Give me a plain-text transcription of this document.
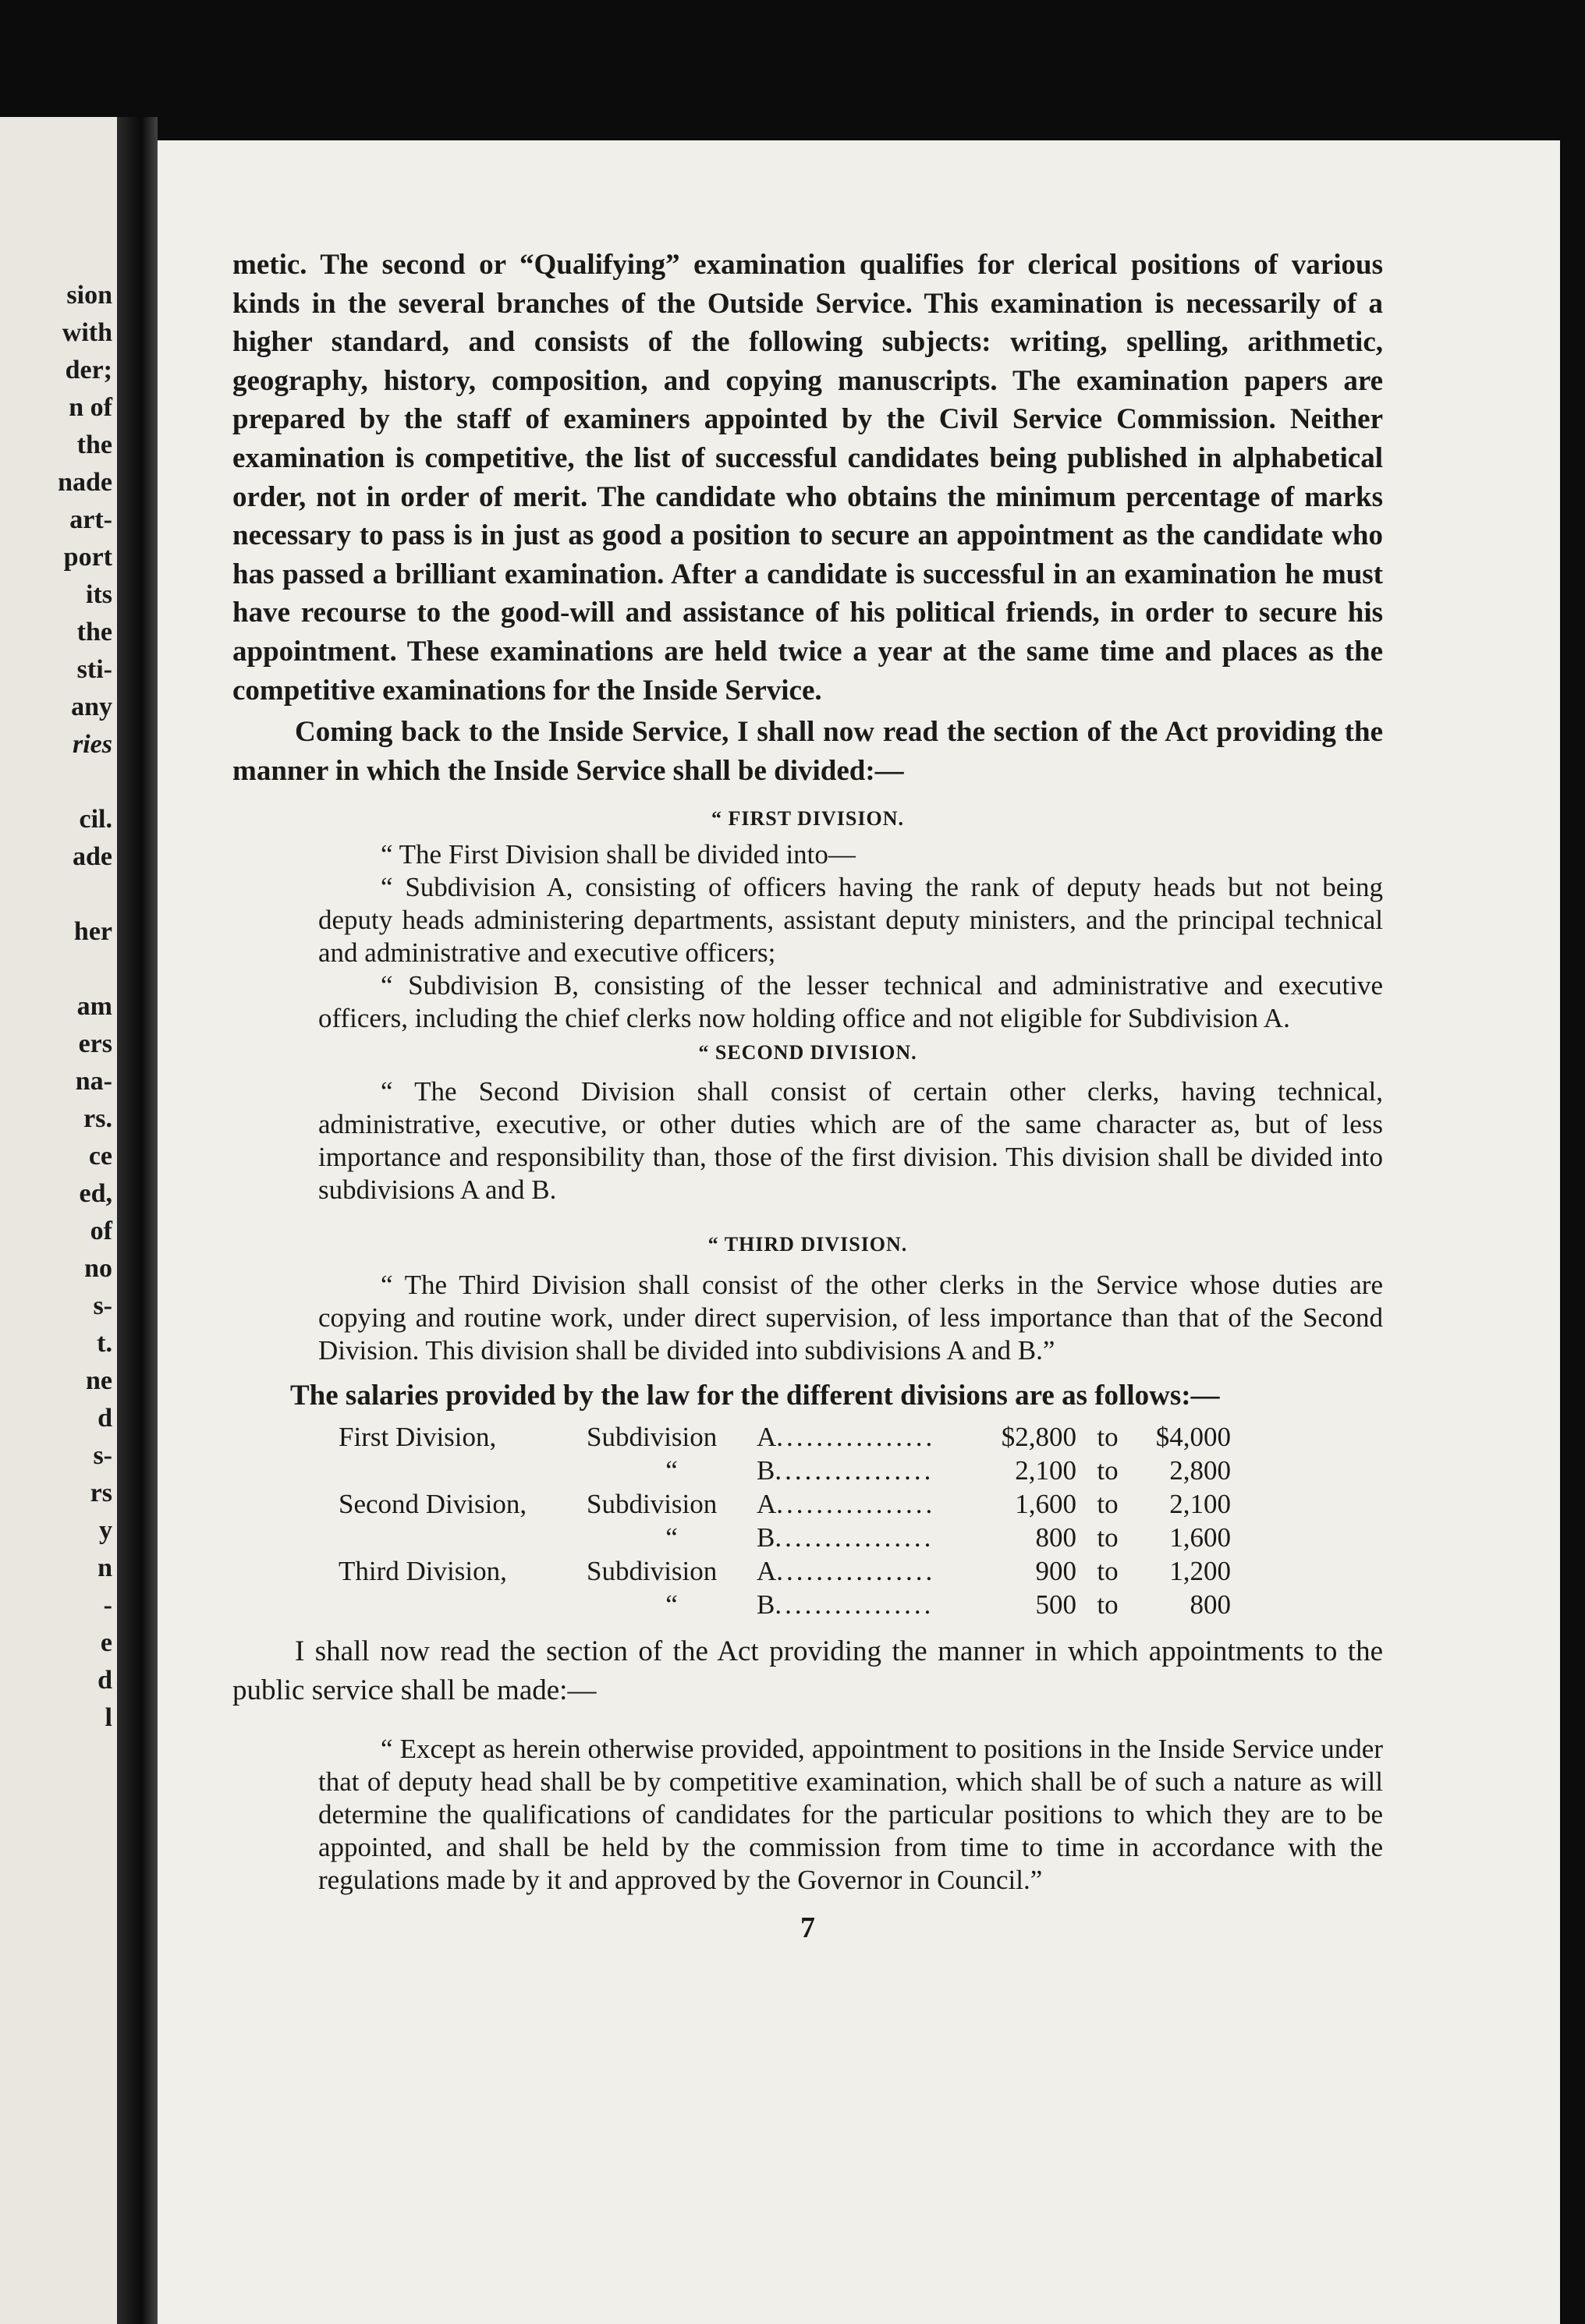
sion
with
der;
n of
the
nade
art-
port
its
the
sti-
any
ries

cil.
ade

her

am
ers
na-
rs.
ce
ed,
of
no
s-
t.
ne
d
s-
rs
y
n
-
e
d
l

metic. The second or “Qualifying” examination qualifies for clerical positions of various kinds in the several branches of the Outside Service. This examination is necessarily of a higher standard, and consists of the following subjects: writing, spelling, arithmetic, geography, history, composition, and copying manuscripts. The examination papers are prepared by the staff of examiners appointed by the Civil Service Commission. Neither examination is competitive, the list of successful candidates being published in alphabetical order, not in order of merit. The candidate who obtains the minimum percentage of marks necessary to pass is in just as good a position to secure an appointment as the candidate who has passed a brilliant examination. After a candidate is successful in an examination he must have recourse to the good-will and assistance of his political friends, in order to secure his appointment. These examinations are held twice a year at the same time and places as the competitive examinations for the Inside Service.

Coming back to the Inside Service, I shall now read the section of the Act providing the manner in which the Inside Service shall be divided:—

“ FIRST DIVISION.

“ The First Division shall be divided into—

“ Subdivision A, consisting of officers having the rank of deputy heads but not being deputy heads administering departments, assistant deputy ministers, and the principal technical and administrative and executive officers;

“ Subdivision B, consisting of the lesser technical and administrative and executive officers, including the chief clerks now holding office and not eligible for Subdivision A.

“ SECOND DIVISION.

“ The Second Division shall consist of certain other clerks, having technical, administrative, executive, or other duties which are of the same character as, but of less importance and responsibility than, those of the first division. This division shall be divided into subdivisions A and B.

“ THIRD DIVISION.

“ The Third Division shall consist of the other clerks in the Service whose duties are copying and routine work, under direct supervision, of less importance than that of the Second Division. This division shall be divided into subdivisions A and B.”

The salaries provided by the law for the different divisions are as follows:—

First Division,	Subdivision	A................	$2,800	to	$4,000
	“	B................	2,100	to	2,800
Second Division,	Subdivision	A................	1,600	to	2,100
	“	B................	800	to	1,600
Third Division,	Subdivision	A................	900	to	1,200
	“	B................	500	to	800

I shall now read the section of the Act providing the manner in which appointments to the public service shall be made:—

“ Except as herein otherwise provided, appointment to positions in the Inside Service under that of deputy head shall be by competitive examination, which shall be of such a nature as will determine the qualifications of candidates for the particular positions to which they are to be appointed, and shall be held by the commission from time to time in accordance with the regulations made by it and approved by the Governor in Council.”

7
